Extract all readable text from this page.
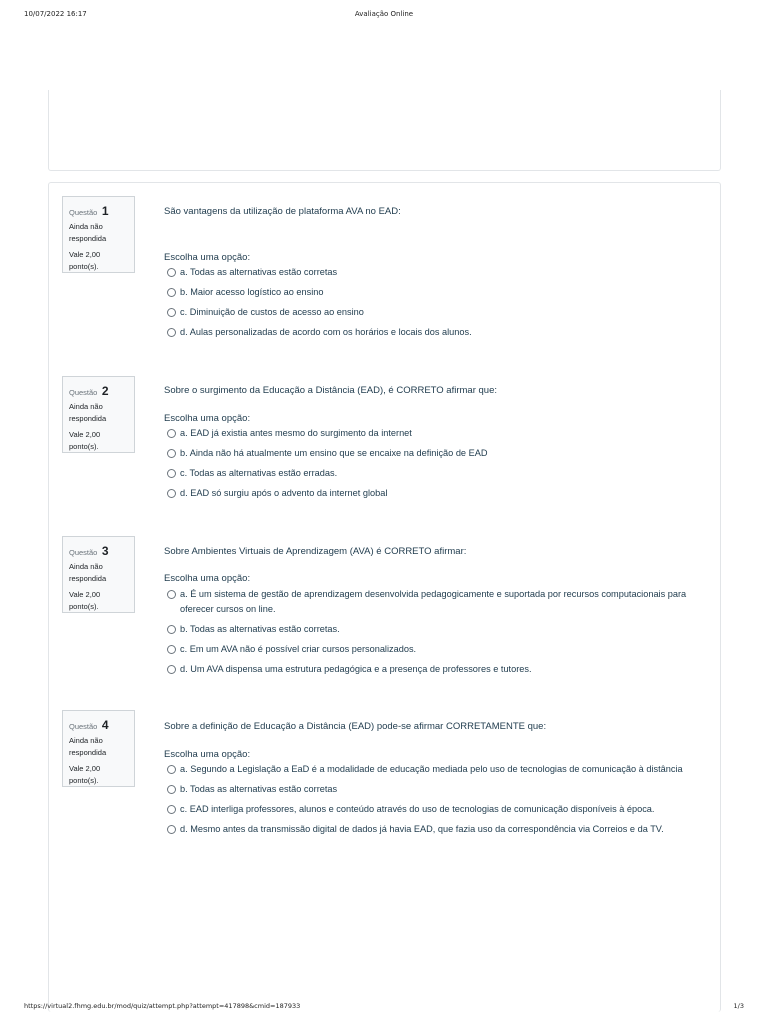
10/07/2022 16:17	Avaliação Online
Questão 1
Ainda não respondida
Vale 2,00 ponto(s).
São vantagens da utilização de plataforma AVA no EAD:
Escolha uma opção:
a. Todas as alternativas estão corretas
b. Maior acesso logístico ao ensino
c. Diminuição de custos de acesso ao ensino
d. Aulas personalizadas de acordo com os horários e locais dos alunos.
Questão 2
Ainda não respondida
Vale 2,00 ponto(s).
Sobre o surgimento da Educação a Distância (EAD), é CORRETO afirmar que:
Escolha uma opção:
a. EAD já existia antes mesmo do surgimento da internet
b. Ainda não há atualmente um ensino que se encaixe na definição de EAD
c. Todas as alternativas estão erradas.
d. EAD só surgiu após o advento da internet global
Questão 3
Ainda não respondida
Vale 2,00 ponto(s).
Sobre Ambientes Virtuais de Aprendizagem (AVA) é CORRETO afirmar:
Escolha uma opção:
a. É um sistema de gestão de aprendizagem desenvolvida pedagogicamente e suportada por recursos computacionais para oferecer cursos on line.
b. Todas as alternativas estão corretas.
c. Em um AVA não é possível criar cursos personalizados.
d. Um AVA dispensa uma estrutura pedagógica e a presença de professores e tutores.
Questão 4
Ainda não respondida
Vale 2,00 ponto(s).
Sobre a definição de Educação a Distância (EAD) pode-se afirmar CORRETAMENTE que:
Escolha uma opção:
a. Segundo a Legislação a EaD é a modalidade de educação mediada pelo uso de tecnologias de comunicação à distância
b. Todas as alternativas estão corretas
c. EAD interliga professores, alunos e conteúdo através do uso de tecnologias de comunicação disponíveis à época.
d. Mesmo antes da transmissão digital de dados já havia EAD, que fazia uso da correspondência via Correios e da TV.
https://virtual2.fhmg.edu.br/mod/quiz/attempt.php?attempt=417898&cmid=187933	1/3
